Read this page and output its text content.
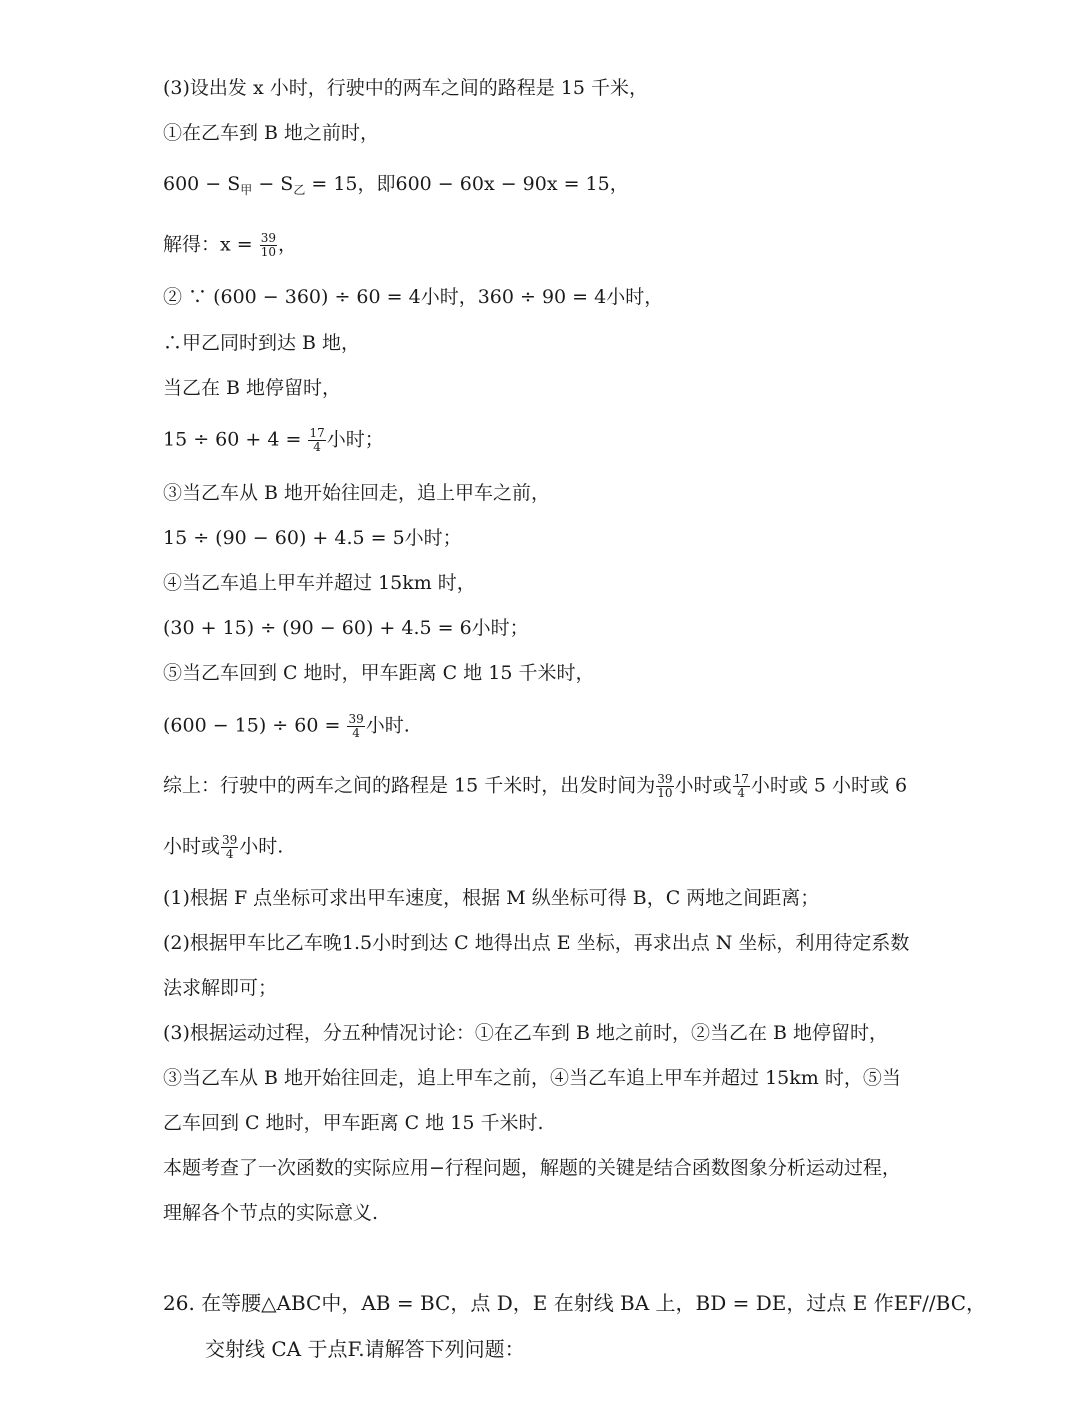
(3)设出发 x 小时，行驶中的两车之间的路程是 15 千米，
①在乙车到 B 地之前时，
$600 - S_甲 - S_乙 = 15$，即600 − 60x − 90x = 15，
解得：$x = \frac{39}{10}$ ，
② ∵ (600 − 360) ÷ 60 = 4小时，360 ÷ 90 = 4小时，
∴甲乙同时到达 B 地，
当乙在 B 地停留时，
$15 \div 60 + 4 = \frac{17}{4}$ 小时；
③当乙车从 B 地开始往回走，追上甲车之前，
15 ÷ (90 − 60) + 4.5 = 5小时；
④当乙车追上甲车并超过 15km 时，
(30 + 15) ÷ (90 − 60) + 4.5 = 6小时；
⑤当乙车回到 C 地时，甲车距离 C 地 15 千米时，
$(600 - 15) \div 60 = \frac{39}{4}$ 小时.
综上：行驶中的两车之间的路程是 15 千米时，出发时间为 $\frac{39}{10}$ 小时或 $\frac{17}{4}$ 小时或 5 小时或 6
小时或 $\frac{39}{4}$ 小时.
(1)根据 F 点坐标可求出甲车速度，根据 M 纵坐标可得 B，C 两地之间距离；
(2)根据甲车比乙车晚1.5小时到达 C 地得出点 E 坐标，再求出点 N 坐标，利用待定系数
法求解即可；
(3)根据运动过程，分五种情况讨论：①在乙车到 B 地之前时，②当乙在 B 地停留时，
③当乙车从 B 地开始往回走，追上甲车之前，④当乙车追上甲车并超过 15km 时，⑤当
乙车回到 C 地时，甲车距离 C 地 15 千米时.
本题考查了一次函数的实际应用−行程问题，解题的关键是结合函数图象分析运动过程，
理解各个节点的实际意义.
26. 在等腰△ABC中，AB = BC，点 D，E 在射线 BA 上，BD = DE，过点 E 作EF//BC，
交射线 CA 于点F.请解答下列问题：
